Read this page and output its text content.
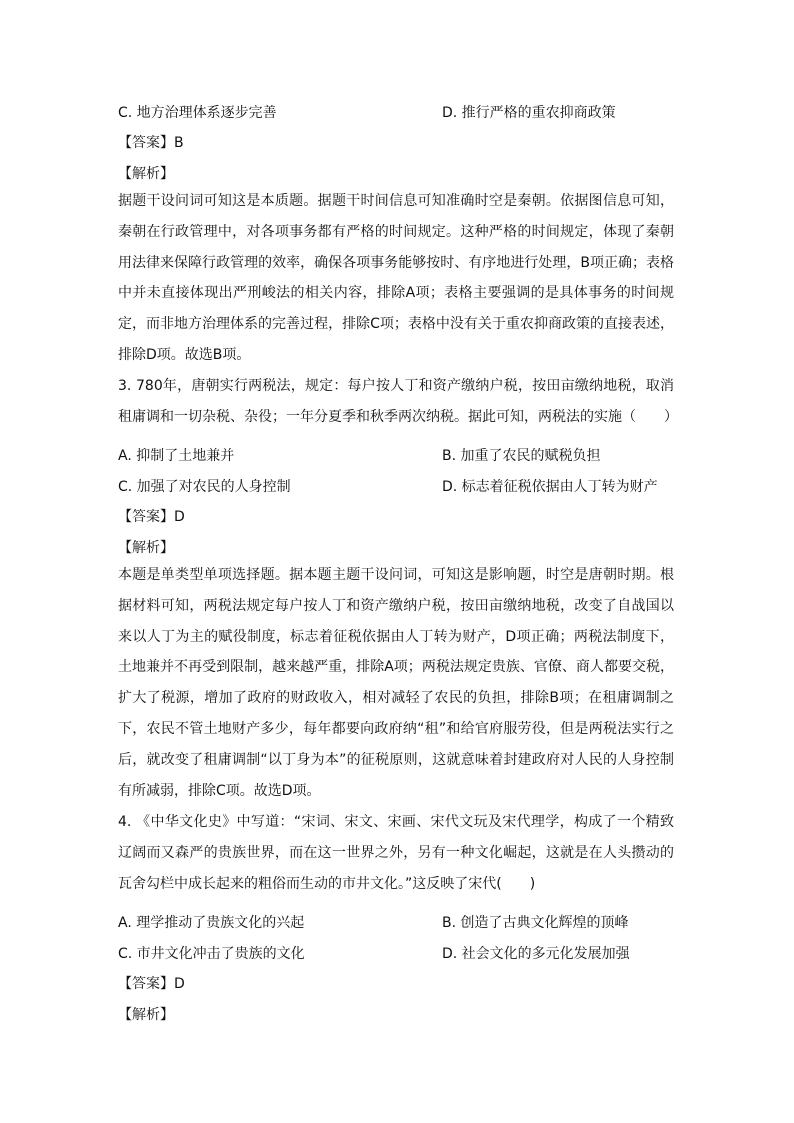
C. 地方治理体系逐步完善	D. 推行严格的重农抑商政策
【答案】B
【解析】
据题干设问词可知这是本质题。据题干时间信息可知准确时空是秦朝。依据图信息可知，秦朝在行政管理中，对各项事务都有严格的时间规定。这种严格的时间规定，体现了秦朝用法律来保障行政管理的效率，确保各项事务能够按时、有序地进行处理，B项正确；表格中并未直接体现出严刑峻法的相关内容，排除A项；表格主要强调的是具体事务的时间规定，而非地方治理体系的完善过程，排除C项；表格中没有关于重农抑商政策的直接表述，排除D项。故选B项。
3. 780年，唐朝实行两税法，规定：每户按人丁和资产缴纳户税，按田亩缴纳地税，取消租庸调和一切杂税、杂役；一年分夏季和秋季两次纳税。据此可知，两税法的实施（　　）
A. 抑制了土地兼并	B. 加重了农民的赋税负担
C. 加强了对农民的人身控制	D. 标志着征税依据由人丁转为财产
【答案】D
【解析】
本题是单类型单项选择题。据本题主题干设问词，可知这是影响题，时空是唐朝时期。根据材料可知，两税法规定每户按人丁和资产缴纳户税，按田亩缴纳地税，改变了自战国以来以人丁为主的赋役制度，标志着征税依据由人丁转为财产，D项正确；两税法制度下，土地兼并不再受到限制，越来越严重，排除A项；两税法规定贵族、官僚、商人都要交税，扩大了税源，增加了政府的财政收入，相对减轻了农民的负担，排除B项；在租庸调制之下，农民不管土地财产多少，每年都要向政府纳“租”和给官府服劳役，但是两税法实行之后，就改变了租庸调制“以丁身为本”的征税原则，这就意味着封建政府对人民的人身控制有所减弱，排除C项。故选D项。
4. 《中华文化史》中写道：“宋词、宋文、宋画、宋代文玩及宋代理学，构成了一个精致辽阔而又森严的贵族世界，而在这一世界之外，另有一种文化崛起，这就是在人头攒动的瓦舍勾栏中成长起来的粗俗而生动的市井文化。”这反映了宋代(　　)
A. 理学推动了贵族文化的兴起	B. 创造了古典文化辉煌的顶峰
C. 市井文化冲击了贵族的文化	D. 社会文化的多元化发展加强
【答案】D
【解析】
